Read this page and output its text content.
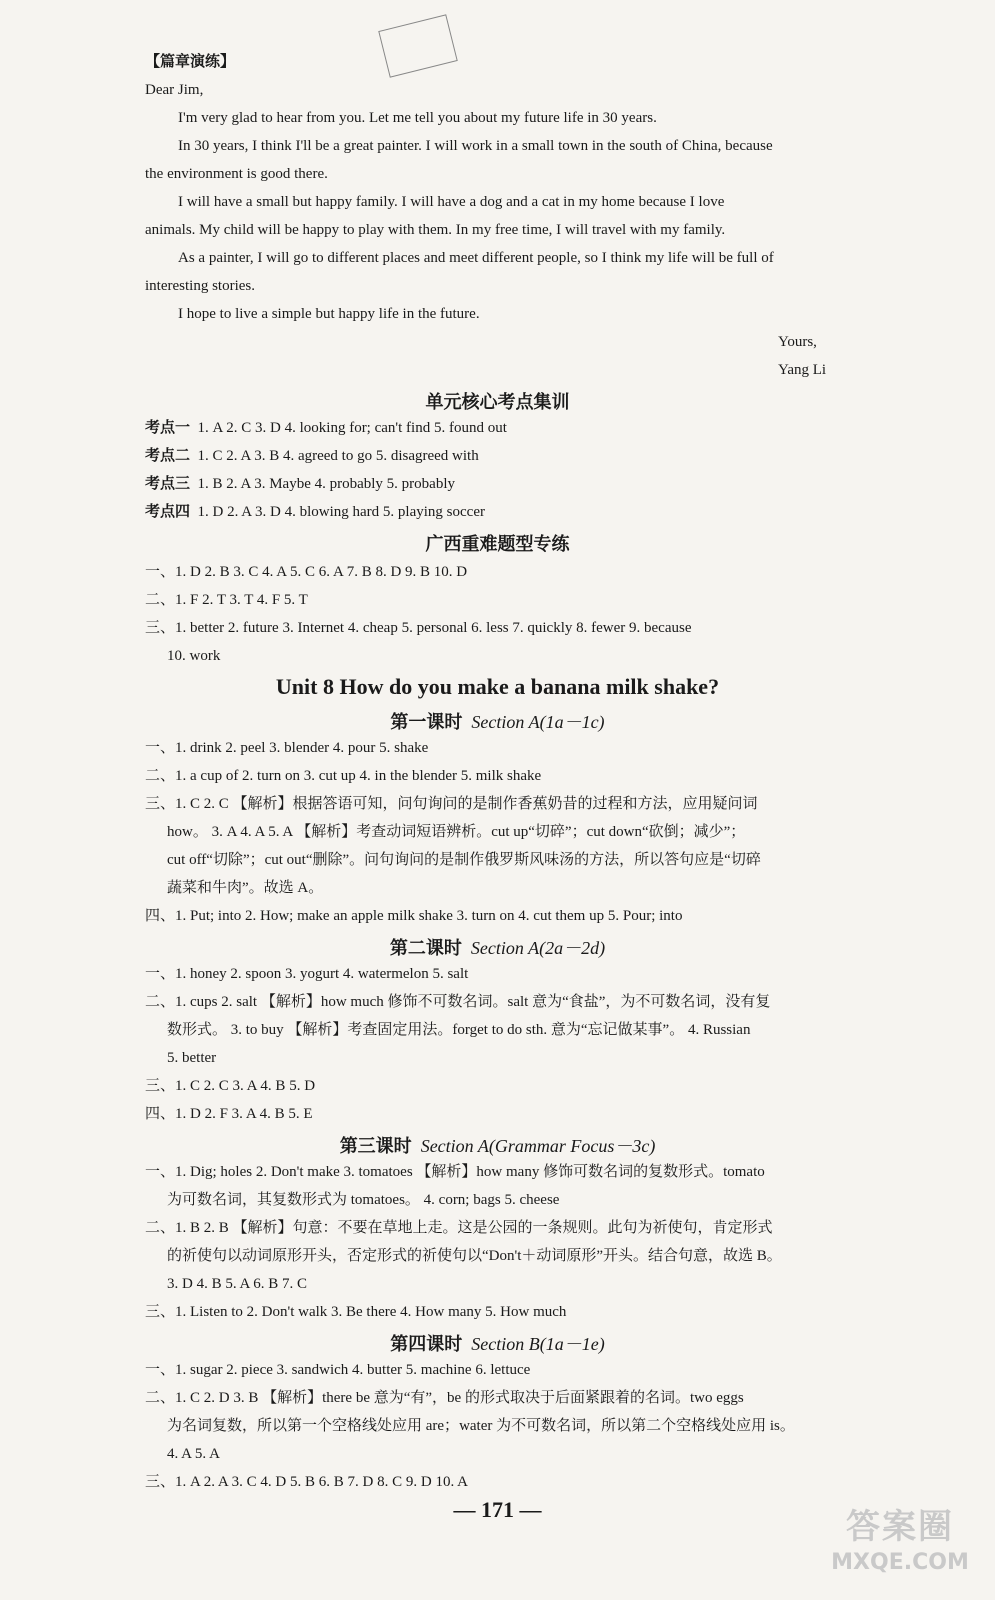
【篇章演练】
Dear Jim,
I'm very glad to hear from you. Let me tell you about my future life in 30 years.
In 30 years, I think I'll be a great painter. I will work in a small town in the south of China, because
the environment is good there.
I will have a small but happy family. I will have a dog and a cat in my home because I love
animals. My child will be happy to play with them. In my free time, I will travel with my family.
As a painter, I will go to different places and meet different people, so I think my life will be full of
interesting stories.
I hope to live a simple but happy life in the future.
Yours,
Yang Li
单元核心考点集训
考点一 1. A 2. C 3. D 4. looking for; can't find 5. found out
考点二 1. C 2. A 3. B 4. agreed to go 5. disagreed with
考点三 1. B 2. A 3. Maybe 4. probably 5. probably
考点四 1. D 2. A 3. D 4. blowing hard 5. playing soccer
广西重难题型专练
一、1. D 2. B 3. C 4. A 5. C 6. A 7. B 8. D 9. B 10. D
二、1. F 2. T 3. T 4. F 5. T
三、1. better 2. future 3. Internet 4. cheap 5. personal 6. less 7. quickly 8. fewer 9. because
10. work
Unit 8 How do you make a banana milk shake?
第一课时 Section A(1a－1c)
一、1. drink 2. peel 3. blender 4. pour 5. shake
二、1. a cup of 2. turn on 3. cut up 4. in the blender 5. milk shake
三、1. C 2. C 【解析】根据答语可知，问句询问的是制作香蕉奶昔的过程和方法，应用疑问词
how。 3. A 4. A 5. A 【解析】考查动词短语辨析。cut up“切碎”；cut down“砍倒；减少”；
cut off“切除”；cut out“删除”。问句询问的是制作俄罗斯风味汤的方法，所以答句应是“切碎
蔬菜和牛肉”。故选 A。
四、1. Put; into 2. How; make an apple milk shake 3. turn on 4. cut them up 5. Pour; into
第二课时 Section A(2a－2d)
一、1. honey 2. spoon 3. yogurt 4. watermelon 5. salt
二、1. cups 2. salt 【解析】how much 修饰不可数名词。salt 意为“食盐”，为不可数名词，没有复
数形式。 3. to buy 【解析】考查固定用法。forget to do sth. 意为“忘记做某事”。 4. Russian
5. better
三、1. C 2. C 3. A 4. B 5. D
四、1. D 2. F 3. A 4. B 5. E
第三课时 Section A(Grammar Focus－3c)
一、1. Dig; holes 2. Don't make 3. tomatoes 【解析】how many 修饰可数名词的复数形式。tomato
为可数名词，其复数形式为 tomatoes。 4. corn; bags 5. cheese
二、1. B 2. B 【解析】句意：不要在草地上走。这是公园的一条规则。此句为祈使句，肯定形式
的祈使句以动词原形开头，否定形式的祈使句以“Don't＋动词原形”开头。结合句意，故选 B。
3. D 4. B 5. A 6. B 7. C
三、1. Listen to 2. Don't walk 3. Be there 4. How many 5. How much
第四课时 Section B(1a－1e)
一、1. sugar 2. piece 3. sandwich 4. butter 5. machine 6. lettuce
二、1. C 2. D 3. B 【解析】there be 意为“有”，be 的形式取决于后面紧跟着的名词。two eggs
为名词复数，所以第一个空格线处应用 are；water 为不可数名词，所以第二个空格线处应用 is。
4. A 5. A
三、1. A 2. A 3. C 4. D 5. B 6. B 7. D 8. C 9. D 10. A
— 171 —	答案圈
MXQE.COM
